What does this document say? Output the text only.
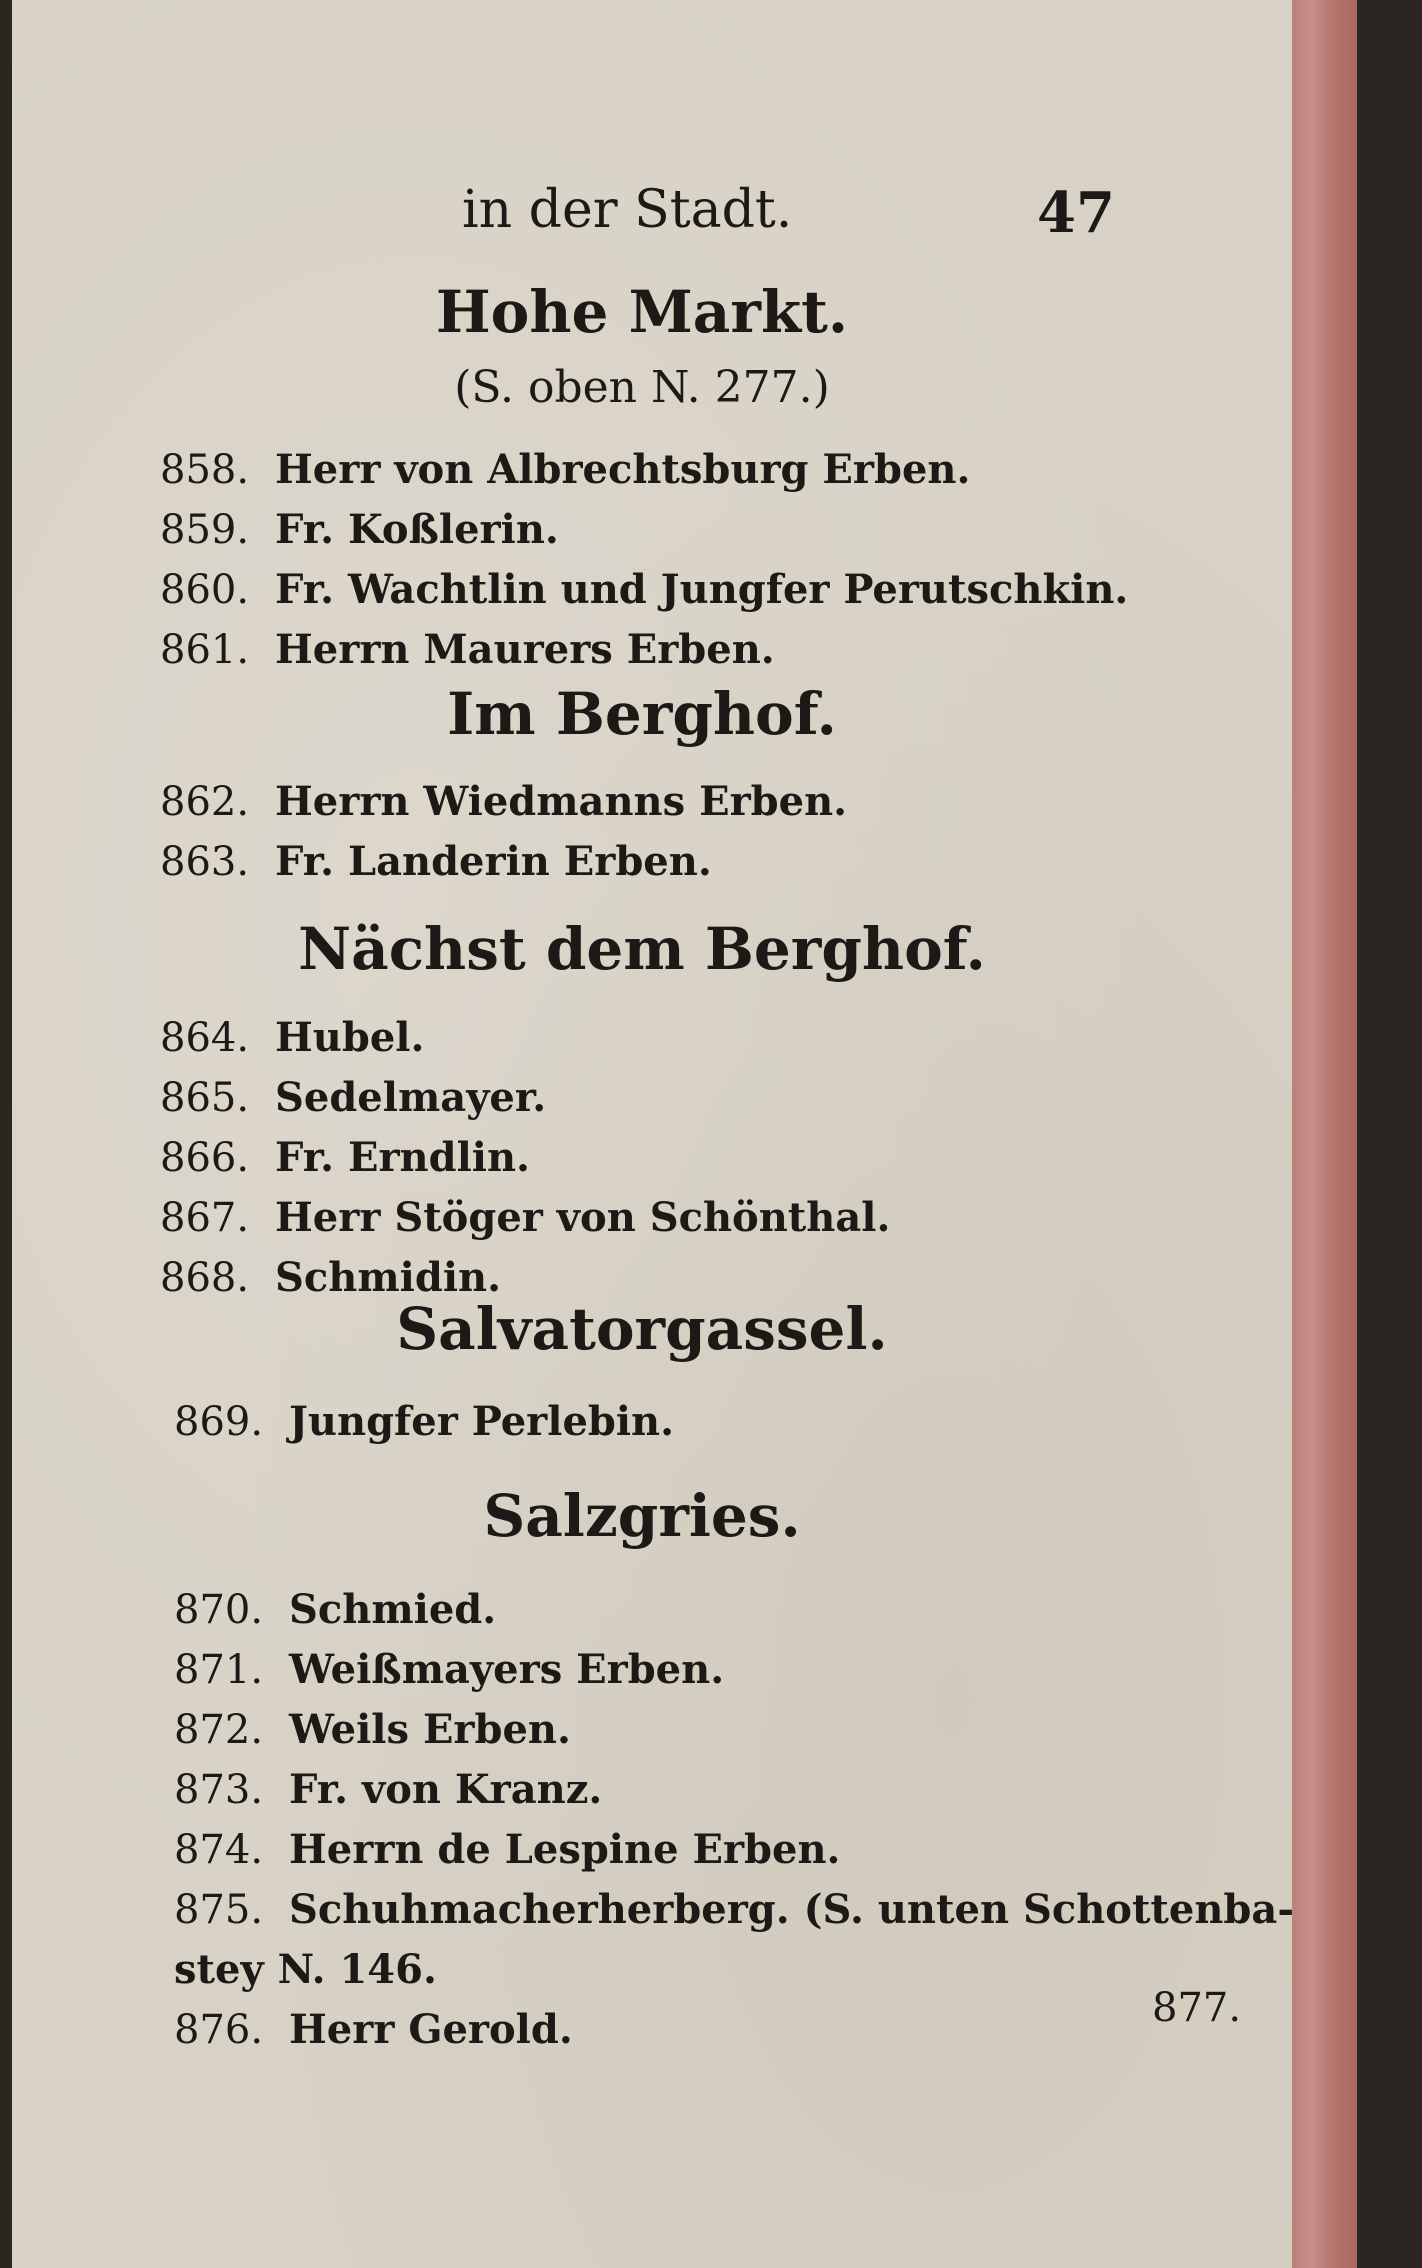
in der Stadt.	47
Hohe Markt.
(S. oben N. 277.)
858. Herr von Albrechtsburg Erben.
859. Fr. Koßlerin.
860. Fr. Wachtlin und Jungfer Perutschkin.
861. Herrn Maurers Erben.
Im Berghof.
862. Herrn Wiedmanns Erben.
863. Fr. Landerin Erben.
Nächst dem Berghof.
864. Hubel.
865. Sedelmayer.
866. Fr. Erndlin.
867. Herr Stöger von Schönthal.
868. Schmidin.
Salvatorgassel.
869. Jungfer Perlebin.
Salzgries.
870. Schmied.
871. Weißmayers Erben.
872. Weils Erben.
873. Fr. von Kranz.
874. Herrn de Lespine Erben.
875. Schuhmacherherberg. (S. unten Schottenba-
stey N. 146.
876. Herr Gerold.	877.
